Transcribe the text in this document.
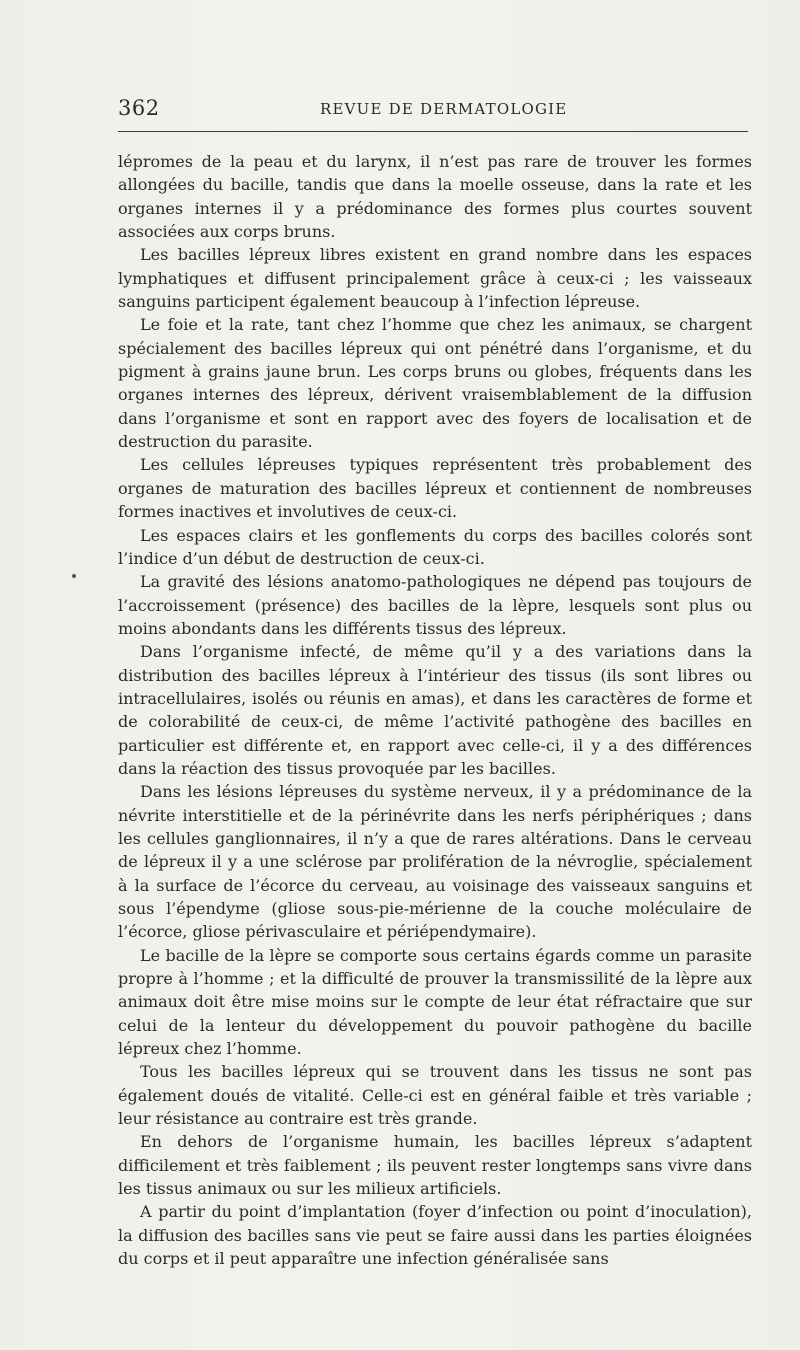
362	REVUE DE DERMATOLOGIE

lépromes de la peau et du larynx, il n’est pas rare de trouver les formes allongées du bacille, tandis que dans la moelle osseuse, dans la rate et les organes internes il y a prédominance des formes plus courtes souvent associées aux corps bruns.

Les bacilles lépreux libres existent en grand nombre dans les espaces lymphatiques et diffusent principalement grâce à ceux-ci ; les vaisseaux sanguins participent également beaucoup à l’infection lépreuse.

Le foie et la rate, tant chez l’homme que chez les animaux, se chargent spécialement des bacilles lépreux qui ont pénétré dans l’organisme, et du pigment à grains jaune brun. Les corps bruns ou globes, fréquents dans les organes internes des lépreux, dérivent vraisemblablement de la diffusion dans l’organisme et sont en rapport avec des foyers de localisation et de destruction du parasite.

Les cellules lépreuses typiques représentent très probablement des organes de maturation des bacilles lépreux et contiennent de nombreuses formes inactives et involutives de ceux-ci.

Les espaces clairs et les gonflements du corps des bacilles colorés sont l’indice d’un début de destruction de ceux-ci.

La gravité des lésions anatomo-pathologiques ne dépend pas toujours de l’accroissement (présence) des bacilles de la lèpre, lesquels sont plus ou moins abondants dans les différents tissus des lépreux.

Dans l’organisme infecté, de même qu’il y a des variations dans la distribution des bacilles lépreux à l’intérieur des tissus (ils sont libres ou intracellulaires, isolés ou réunis en amas), et dans les caractères de forme et de colorabilité de ceux-ci, de même l’activité pathogène des bacilles en particulier est différente et, en rapport avec celle-ci, il y a des différences dans la réaction des tissus provoquée par les bacilles.

Dans les lésions lépreuses du système nerveux, il y a prédominance de la névrite interstitielle et de la périnévrite dans les nerfs périphériques ; dans les cellules ganglionnaires, il n’y a que de rares altérations. Dans le cerveau de lépreux il y a une sclérose par prolifération de la névroglie, spécialement à la surface de l’écorce du cerveau, au voisinage des vaisseaux sanguins et sous l’épendyme (gliose sous-pie-mérienne de la couche moléculaire de l’écorce, gliose périvasculaire et périépendymaire).

Le bacille de la lèpre se comporte sous certains égards comme un parasite propre à l’homme ; et la difficulté de prouver la transmissilité de la lèpre aux animaux doit être mise moins sur le compte de leur état réfractaire que sur celui de la lenteur du développement du pouvoir pathogène du bacille lépreux chez l’homme.

Tous les bacilles lépreux qui se trouvent dans les tissus ne sont pas également doués de vitalité. Celle-ci est en général faible et très variable ; leur résistance au contraire est très grande.

En dehors de l’organisme humain, les bacilles lépreux s’adaptent difficilement et très faiblement ; ils peuvent rester longtemps sans vivre dans les tissus animaux ou sur les milieux artificiels.

A partir du point d’implantation (foyer d’infection ou point d’inoculation), la diffusion des bacilles sans vie peut se faire aussi dans les parties éloignées du corps et il peut apparaître une infection généralisée sans
